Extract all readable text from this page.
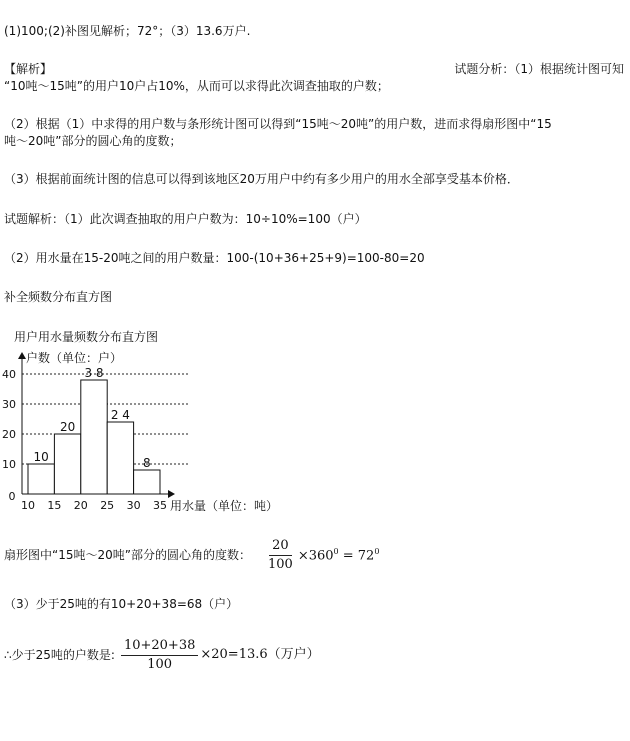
(1)100;(2)补图见解析；72°；（3）13.6万户.
【解析】	试题分析：（1）根据统计图可知
“10吨～15吨”的用户10户占10%，从而可以求得此次调查抽取的户数；
（2）根据（1）中求得的用户数与条形统计图可以得到“15吨～20吨”的用户数，进而求得扇形图中“15
吨～20吨”部分的圆心角的度数；
（3）根据前面统计图的信息可以得到该地区20万用户中约有多少用户的用水全部享受基本价格．
试题解析：（1）此次调查抽取的用户户数为：10÷10%=100（户）
（2）用水量在15-20吨之间的用户数量：100-(10+36+25+9)=100-80=20
补全频数分布直方图
用户用水量频数分布直方图
户数（单位：户）
用水量（单位：吨）
10
20
30
40
10
20
3 8
2 4
8
0
10 15 20 25 30 35
扇形图中“15吨～20吨”部分的圆心角的度数： $\frac{20}{100} \times 360^0 = 72^0$
（3）少于25吨的有10+20+38=68（户）
∴少于25吨的户数是: $\frac{10+20+38}{100} \times 20=13.6$（万户）
